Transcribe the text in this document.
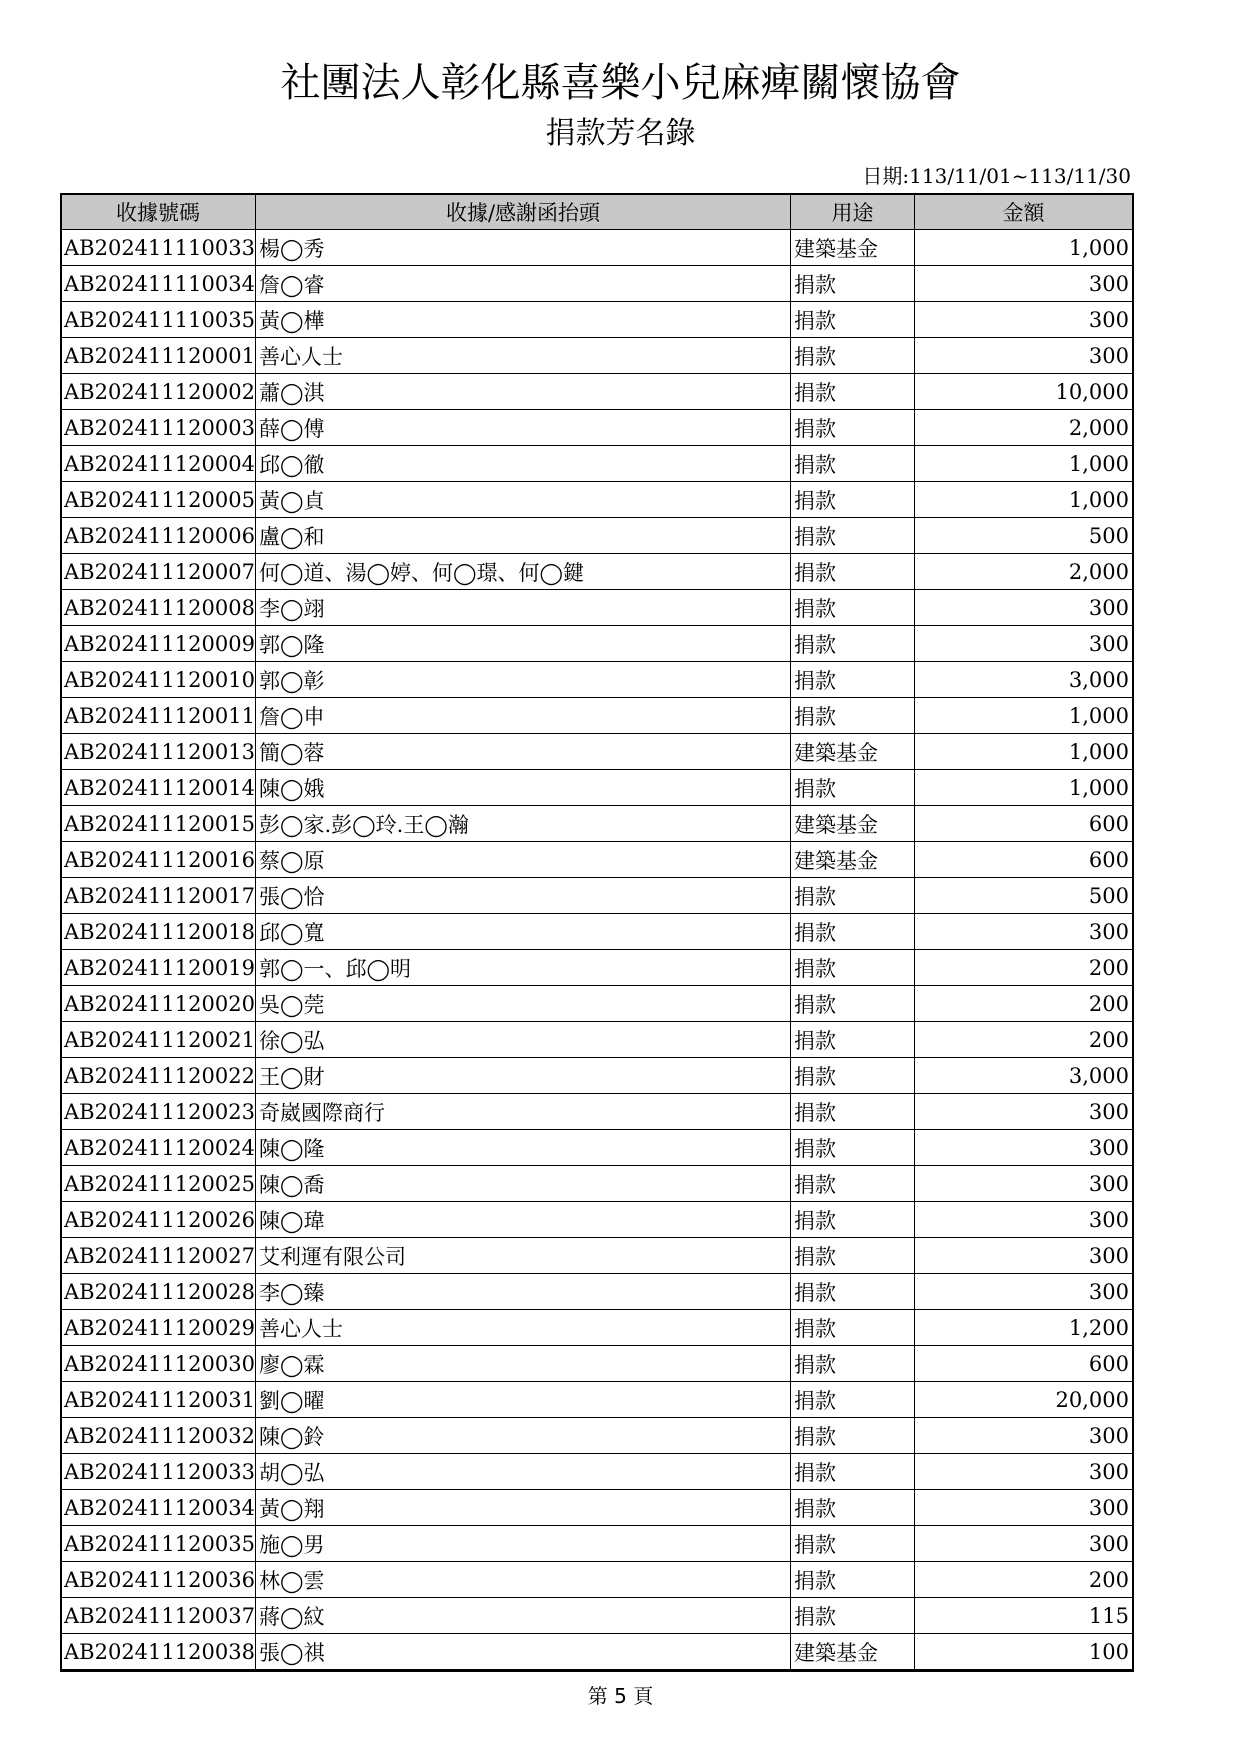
社團法人彰化縣喜樂小兒麻痺關懷協會
捐款芳名錄
日期:113/11/01~113/11/30
收據號碼	收據/感謝函抬頭	用途	金額
AB202411110033	楊◯秀	建築基金	1,000
AB202411110034	詹◯睿	捐款	300
AB202411110035	黃◯樺	捐款	300
AB202411120001	善心人士	捐款	300
AB202411120002	蕭◯淇	捐款	10,000
AB202411120003	薛◯傅	捐款	2,000
AB202411120004	邱◯徹	捐款	1,000
AB202411120005	黃◯貞	捐款	1,000
AB202411120006	盧◯和	捐款	500
AB202411120007	何◯道、湯◯婷、何◯璟、何◯鍵	捐款	2,000
AB202411120008	李◯翊	捐款	300
AB202411120009	郭◯隆	捐款	300
AB202411120010	郭◯彰	捐款	3,000
AB202411120011	詹◯申	捐款	1,000
AB202411120013	簡◯蓉	建築基金	1,000
AB202411120014	陳◯娥	捐款	1,000
AB202411120015	彭◯家.彭◯玲.王◯瀚	建築基金	600
AB202411120016	蔡◯原	建築基金	600
AB202411120017	張◯恰	捐款	500
AB202411120018	邱◯寬	捐款	300
AB202411120019	郭◯一、邱◯明	捐款	200
AB202411120020	吳◯莞	捐款	200
AB202411120021	徐◯弘	捐款	200
AB202411120022	王◯財	捐款	3,000
AB202411120023	奇崴國際商行	捐款	300
AB202411120024	陳◯隆	捐款	300
AB202411120025	陳◯喬	捐款	300
AB202411120026	陳◯瑋	捐款	300
AB202411120027	艾利運有限公司	捐款	300
AB202411120028	李◯臻	捐款	300
AB202411120029	善心人士	捐款	1,200
AB202411120030	廖◯霖	捐款	600
AB202411120031	劉◯曜	捐款	20,000
AB202411120032	陳◯鈴	捐款	300
AB202411120033	胡◯弘	捐款	300
AB202411120034	黃◯翔	捐款	300
AB202411120035	施◯男	捐款	300
AB202411120036	林◯雲	捐款	200
AB202411120037	蔣◯紋	捐款	115
AB202411120038	張◯祺	建築基金	100
第 5 頁
